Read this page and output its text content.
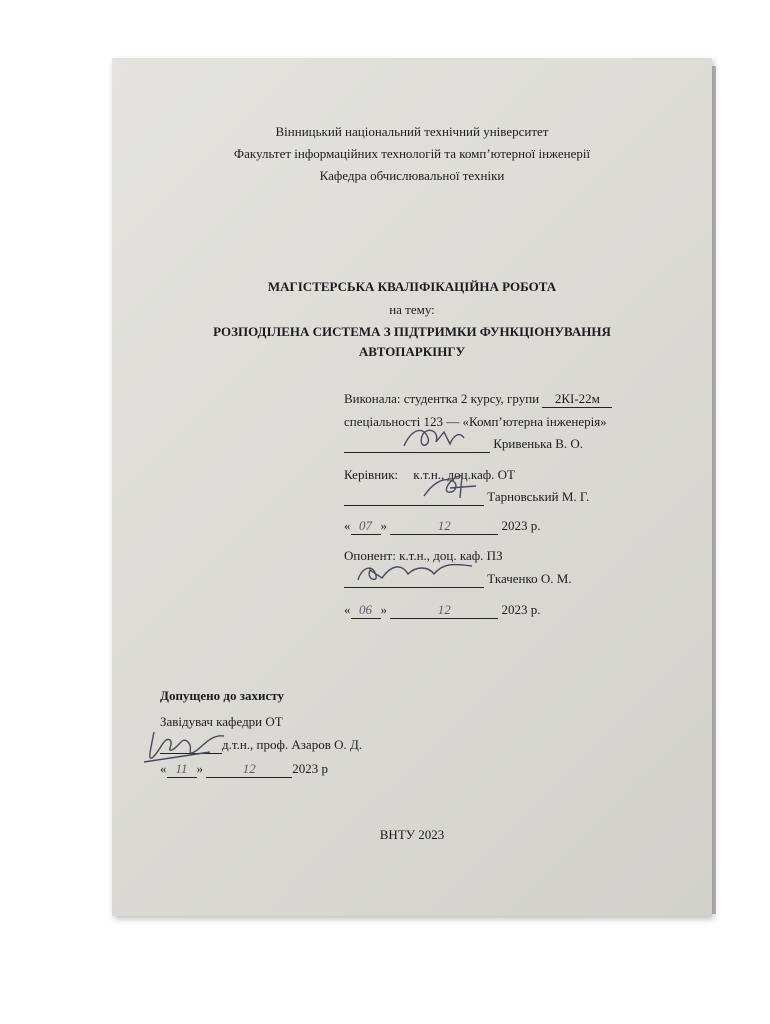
Вінницький національний технічний університет
Факультет інформаційних технологій та комп’ютерної інженерії
Кафедра обчислювальної техніки
МАГІСТЕРСЬКА КВАЛІФІКАЦІЙНА РОБОТА
на тему:
РОЗПОДІЛЕНА СИСТЕМА З ПІДТРИМКИ ФУНКЦІОНУВАННЯ
АВТОПАРКІНГУ
Виконала: студентка 2 курсу, групи 2КІ-22м
спеціальності 123 — «Комп’ютерна інженерія»
Кривенька В. О.
Керівник: к.т.н., доц.каф. ОТ
Тарновський М. Г.
« 07 »	12	2023 р.
Опонент: к.т.н., доц. каф. ПЗ
Ткаченко О. М.
« 06 »	12	2023 р.
Допущено до захисту
Завідувач кафедри ОТ
д.т.н., проф. Азаров О. Д.
« 11 »	12	2023 р
ВНТУ 2023
